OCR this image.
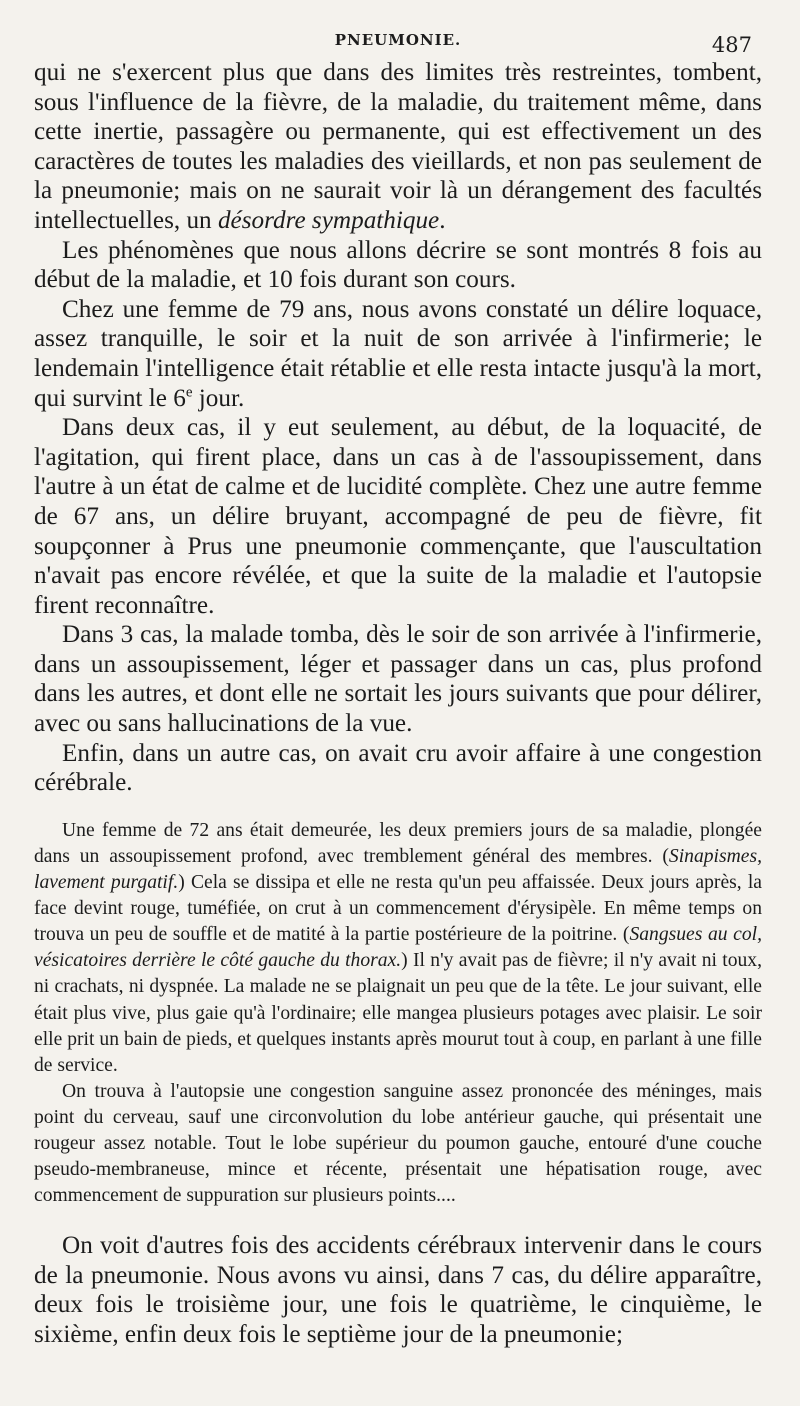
PNEUMONIE.	487

qui ne s'exercent plus que dans des limites très restreintes, tombent, sous l'influence de la fièvre, de la maladie, du traitement même, dans cette inertie, passagère ou permanente, qui est effectivement un des caractères de toutes les maladies des vieillards, et non pas seulement de la pneumonie; mais on ne saurait voir là un dérangement des facultés intellectuelles, un désordre sympathique.

Les phénomènes que nous allons décrire se sont montrés 8 fois au début de la maladie, et 10 fois durant son cours.

Chez une femme de 79 ans, nous avons constaté un délire loquace, assez tranquille, le soir et la nuit de son arrivée à l'infirmerie; le lendemain l'intelligence était rétablie et elle resta intacte jusqu'à la mort, qui survint le 6e jour.

Dans deux cas, il y eut seulement, au début, de la loquacité, de l'agitation, qui firent place, dans un cas à de l'assoupissement, dans l'autre à un état de calme et de lucidité complète. Chez une autre femme de 67 ans, un délire bruyant, accompagné de peu de fièvre, fit soupçonner à Prus une pneumonie commençante, que l'auscultation n'avait pas encore révélée, et que la suite de la maladie et l'autopsie firent reconnaître.

Dans 3 cas, la malade tomba, dès le soir de son arrivée à l'infirmerie, dans un assoupissement, léger et passager dans un cas, plus profond dans les autres, et dont elle ne sortait les jours suivants que pour délirer, avec ou sans hallucinations de la vue.

Enfin, dans un autre cas, on avait cru avoir affaire à une congestion cérébrale.

Une femme de 72 ans était demeurée, les deux premiers jours de sa maladie, plongée dans un assoupissement profond, avec tremblement général des membres. (Sinapismes, lavement purgatif.) Cela se dissipa et elle ne resta qu'un peu affaissée. Deux jours après, la face devint rouge, tuméfiée, on crut à un commencement d'érysipèle. En même temps on trouva un peu de souffle et de matité à la partie postérieure de la poitrine. (Sangsues au col, vésicatoires derrière le côté gauche du thorax.) Il n'y avait pas de fièvre; il n'y avait ni toux, ni crachats, ni dyspnée. La malade ne se plaignait un peu que de la tête. Le jour suivant, elle était plus vive, plus gaie qu'à l'ordinaire; elle mangea plusieurs potages avec plaisir. Le soir elle prit un bain de pieds, et quelques instants après mourut tout à coup, en parlant à une fille de service.

On trouva à l'autopsie une congestion sanguine assez prononcée des méninges, mais point du cerveau, sauf une circonvolution du lobe antérieur gauche, qui présentait une rougeur assez notable. Tout le lobe supérieur du poumon gauche, entouré d'une couche pseudo-membraneuse, mince et récente, présentait une hépatisation rouge, avec commencement de suppuration sur plusieurs points....

On voit d'autres fois des accidents cérébraux intervenir dans le cours de la pneumonie. Nous avons vu ainsi, dans 7 cas, du délire apparaître, deux fois le troisième jour, une fois le quatrième, le cinquième, le sixième, enfin deux fois le septième jour de la pneumonie;
